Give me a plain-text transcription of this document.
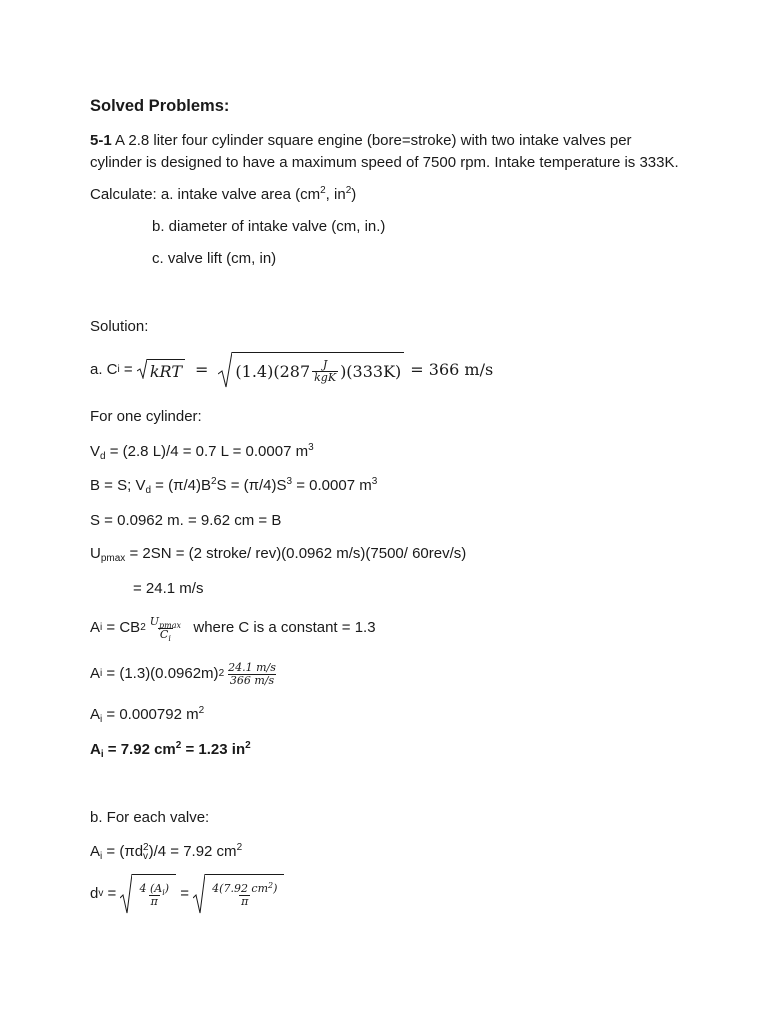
Solved Problems:
5-1 A 2.8 liter four cylinder square engine (bore=stroke) with two intake valves per
cylinder is designed to have a maximum speed of 7500 rpm. Intake temperature is 333K.
Calculate: a. intake valve area ($cm^2$, $in^2$)
b. diameter of intake valve (cm, in.)
c. valve lift (cm, in)
Solution:
a. C i = kRT = $(1.4)(287 \frac{J}{\text{kgK}} )(333K) = 366$ m/s
For one cylinder:
$V_d = (2.8$ L)/4 = 0.7 L = 0.0007 $m^3$
B = S; $V_d = (\pi/4)B^2S = (\pi/4)S^3 = 0.0007$ $m^3$
S = 0.0962 m. = 9.62 cm = B
$U_{pmax} = 2SN = (2$ stroke/ rev)(0.0962 m/s)(7500/ 60rev/s)
= 24.1 m/s
A i = CB $2 \frac{U_{pmax}}{C_i}$ where C is a constant = 1.3
A i = (1.3)(0.0962m) $2 \frac{24.1 m/s}{366 m/s}$
$A_i = 0.000792$ $m^2$
$A_i = 7.92$ $cm^2 = 1.23$ $in^2$
b. For each valve:
$A_i = (\pi d_v^2)/4 = 7.92$ $cm^2$
d $v = \frac{4 (A_i)}{\pi} = \frac{4(7.92 cm^2)}{\pi}$
